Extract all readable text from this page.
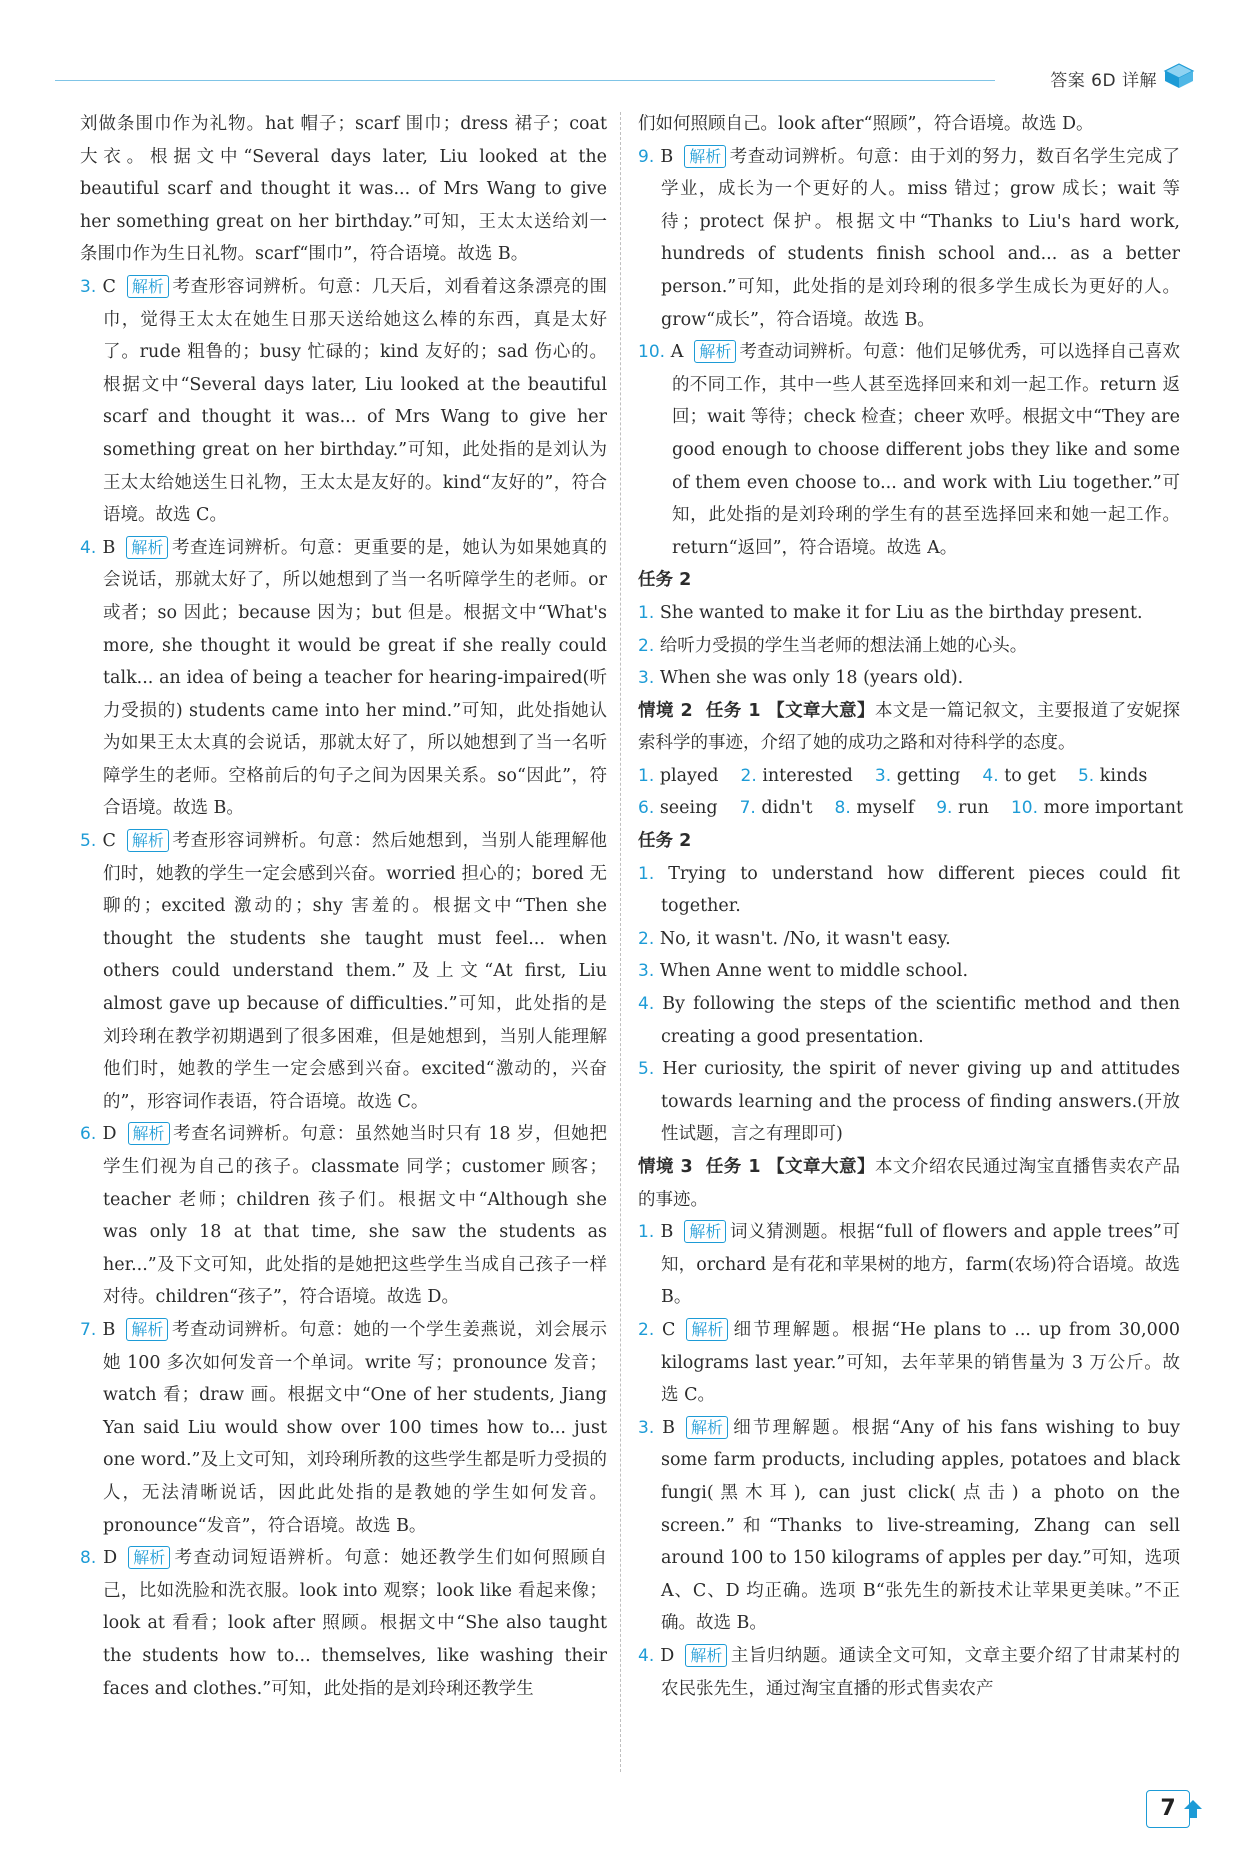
答案 6D 详解

刘做条围巾作为礼物。hat 帽子；scarf 围巾；dress 裙子；coat 大衣。根据文中“Several days later, Liu looked at the beautiful scarf and thought it was... of Mrs Wang to give her something great on her birthday.”可知，王太太送给刘一条围巾作为生日礼物。scarf“围巾”，符合语境。故选 B。

3. C 解析 考查形容词辨析。句意：几天后，刘看着这条漂亮的围巾，觉得王太太在她生日那天送给她这么棒的东西，真是太好了。rude 粗鲁的；busy 忙碌的；kind 友好的；sad 伤心的。根据文中“Several days later, Liu looked at the beautiful scarf and thought it was... of Mrs Wang to give her something great on her birthday.”可知，此处指的是刘认为王太太给她送生日礼物，王太太是友好的。kind“友好的”，符合语境。故选 C。

4. B 解析 考查连词辨析。句意：更重要的是，她认为如果她真的会说话，那就太好了，所以她想到了当一名听障学生的老师。or 或者；so 因此；because 因为；but 但是。根据文中“What's more, she thought it would be great if she really could talk... an idea of being a teacher for hearing-impaired(听力受损的) students came into her mind.”可知，此处指她认为如果王太太真的会说话，那就太好了，所以她想到了当一名听障学生的老师。空格前后的句子之间为因果关系。so“因此”，符合语境。故选 B。

5. C 解析 考查形容词辨析。句意：然后她想到，当别人能理解他们时，她教的学生一定会感到兴奋。worried 担心的；bored 无聊的；excited 激动的；shy 害羞的。根据文中“Then she thought the students she taught must feel... when others could understand them.”及上文“At first, Liu almost gave up because of difficulties.”可知，此处指的是刘玲琍在教学初期遇到了很多困难，但是她想到，当别人能理解他们时，她教的学生一定会感到兴奋。excited“激动的，兴奋的”，形容词作表语，符合语境。故选 C。

6. D 解析 考查名词辨析。句意：虽然她当时只有 18 岁，但她把学生们视为自己的孩子。classmate 同学；customer 顾客；teacher 老师；children 孩子们。根据文中“Although she was only 18 at that time, she saw the students as her...”及下文可知，此处指的是她把这些学生当成自己孩子一样对待。children“孩子”，符合语境。故选 D。

7. B 解析 考查动词辨析。句意：她的一个学生姜燕说，刘会展示她 100 多次如何发音一个单词。write 写；pronounce 发音；watch 看；draw 画。根据文中“One of her students, Jiang Yan said Liu would show over 100 times how to... just one word.”及上文可知，刘玲琍所教的这些学生都是听力受损的人，无法清晰说话，因此此处指的是教她的学生如何发音。pronounce“发音”，符合语境。故选 B。

8. D 解析 考查动词短语辨析。句意：她还教学生们如何照顾自己，比如洗脸和洗衣服。look into 观察；look like 看起来像；look at 看看；look after 照顾。根据文中“She also taught the students how to... themselves, like washing their faces and clothes.”可知，此处指的是刘玲琍还教学生

们如何照顾自己。look after“照顾”，符合语境。故选 D。

9. B 解析 考查动词辨析。句意：由于刘的努力，数百名学生完成了学业，成长为一个更好的人。miss 错过；grow 成长；wait 等待；protect 保护。根据文中“Thanks to Liu's hard work, hundreds of students finish school and... as a better person.”可知，此处指的是刘玲琍的很多学生成长为更好的人。grow“成长”，符合语境。故选 B。

10. A 解析 考查动词辨析。句意：他们足够优秀，可以选择自己喜欢的不同工作，其中一些人甚至选择回来和刘一起工作。return 返回；wait 等待；check 检查；cheer 欢呼。根据文中“They are good enough to choose different jobs they like and some of them even choose to... and work with Liu together.”可知，此处指的是刘玲琍的学生有的甚至选择回来和她一起工作。return“返回”，符合语境。故选 A。

任务 2

1. She wanted to make it for Liu as the birthday present.

2. 给听力受损的学生当老师的想法涌上她的心头。

3. When she was only 18 (years old).

情境 2 任务 1 【文章大意】本文是一篇记叙文，主要报道了安妮探索科学的事迹，介绍了她的成功之路和对待科学的态度。

1. played 2. interested 3. getting 4. to get 5. kinds

6. seeing 7. didn't 8. myself 9. run 10. more important

任务 2

1. Trying to understand how different pieces could fit together.

2. No, it wasn't. /No, it wasn't easy.

3. When Anne went to middle school.

4. By following the steps of the scientific method and then creating a good presentation.

5. Her curiosity, the spirit of never giving up and attitudes towards learning and the process of finding answers.(开放性试题，言之有理即可)

情境 3 任务 1 【文章大意】本文介绍农民通过淘宝直播售卖农产品的事迹。

1. B 解析 词义猜测题。根据“full of flowers and apple trees”可知，orchard 是有花和苹果树的地方，farm(农场)符合语境。故选 B。

2. C 解析 细节理解题。根据“He plans to ... up from 30,000 kilograms last year.”可知，去年苹果的销售量为 3 万公斤。故选 C。

3. B 解析 细节理解题。根据“Any of his fans wishing to buy some farm products, including apples, potatoes and black fungi(黑木耳), can just click(点击) a photo on the screen.”和“Thanks to live-streaming, Zhang can sell around 100 to 150 kilograms of apples per day.”可知，选项 A、C、D 均正确。选项 B“张先生的新技术让苹果更美味。”不正确。故选 B。

4. D 解析 主旨归纳题。通读全文可知，文章主要介绍了甘肃某村的农民张先生，通过淘宝直播的形式售卖农产

7
